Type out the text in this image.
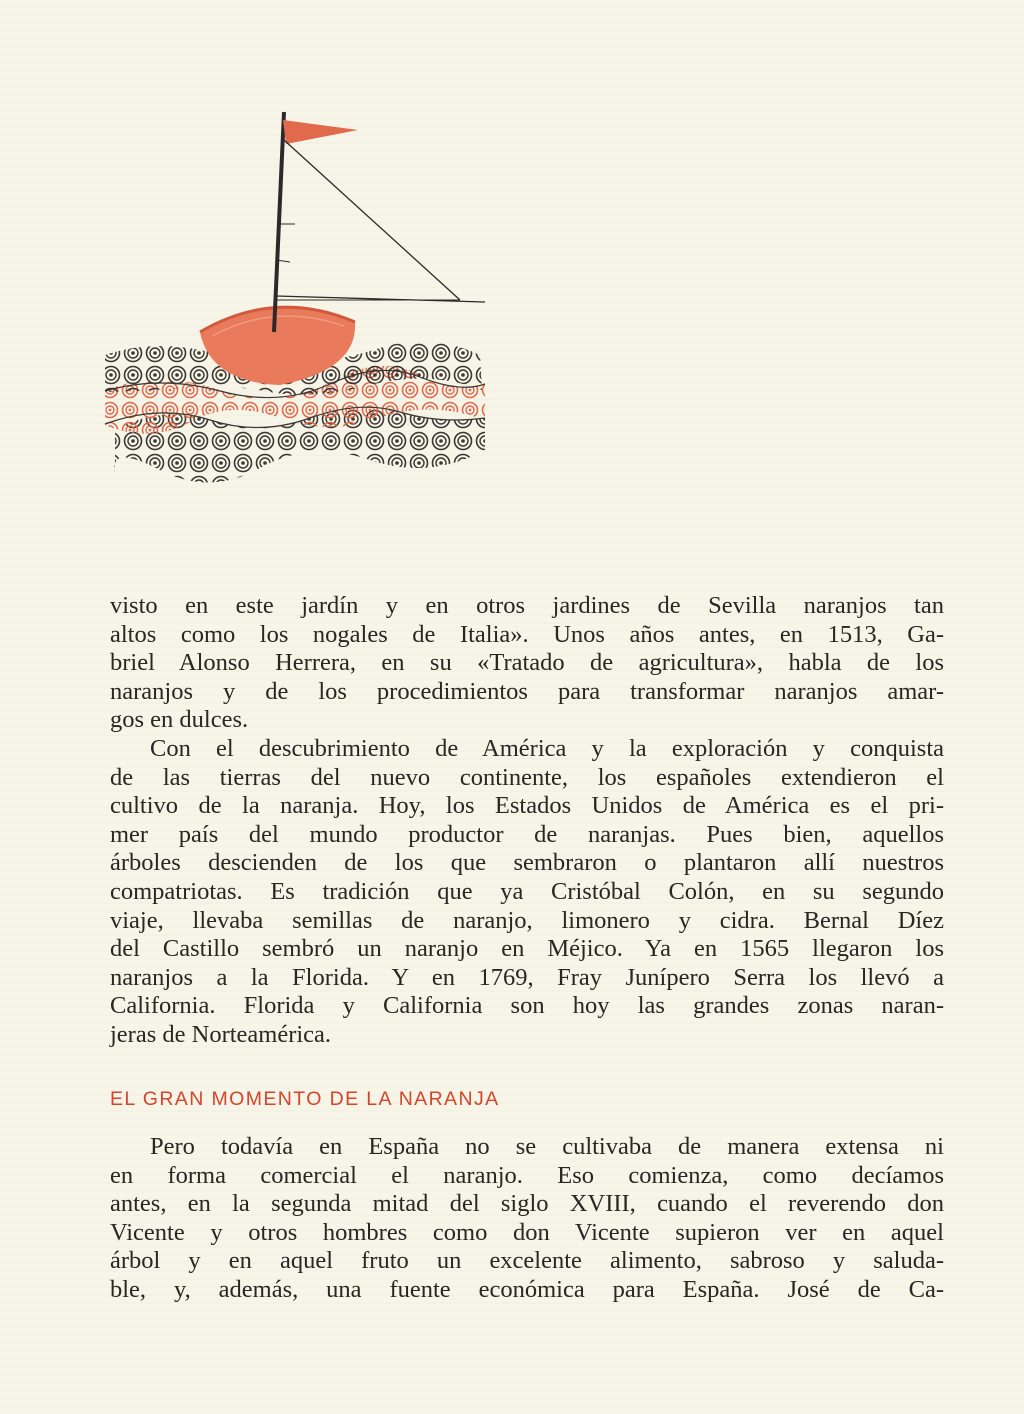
visto en este jardín y en otros jardines de Sevilla naranjos tan
altos como los nogales de Italia». Unos años antes, en 1513, Ga-
briel Alonso Herrera, en su «Tratado de agricultura», habla de los
naranjos y de los procedimientos para transformar naranjos amar-
gos en dulces.
Con el descubrimiento de América y la exploración y conquista
de las tierras del nuevo continente, los españoles extendieron el
cultivo de la naranja. Hoy, los Estados Unidos de América es el pri-
mer país del mundo productor de naranjas. Pues bien, aquellos
árboles descienden de los que sembraron o plantaron allí nuestros
compatriotas. Es tradición que ya Cristóbal Colón, en su segundo
viaje, llevaba semillas de naranjo, limonero y cidra. Bernal Díez
del Castillo sembró un naranjo en Méjico. Ya en 1565 llegaron los
naranjos a la Florida. Y en 1769, Fray Junípero Serra los llevó a
California. Florida y California son hoy las grandes zonas naran-
jeras de Norteamérica.
EL GRAN MOMENTO DE LA NARANJA
Pero todavía en España no se cultivaba de manera extensa ni
en forma comercial el naranjo. Eso comienza, como decíamos
antes, en la segunda mitad del siglo XVIII, cuando el reverendo don
Vicente y otros hombres como don Vicente supieron ver en aquel
árbol y en aquel fruto un excelente alimento, sabroso y saluda-
ble, y, además, una fuente económica para España. José de Ca-
